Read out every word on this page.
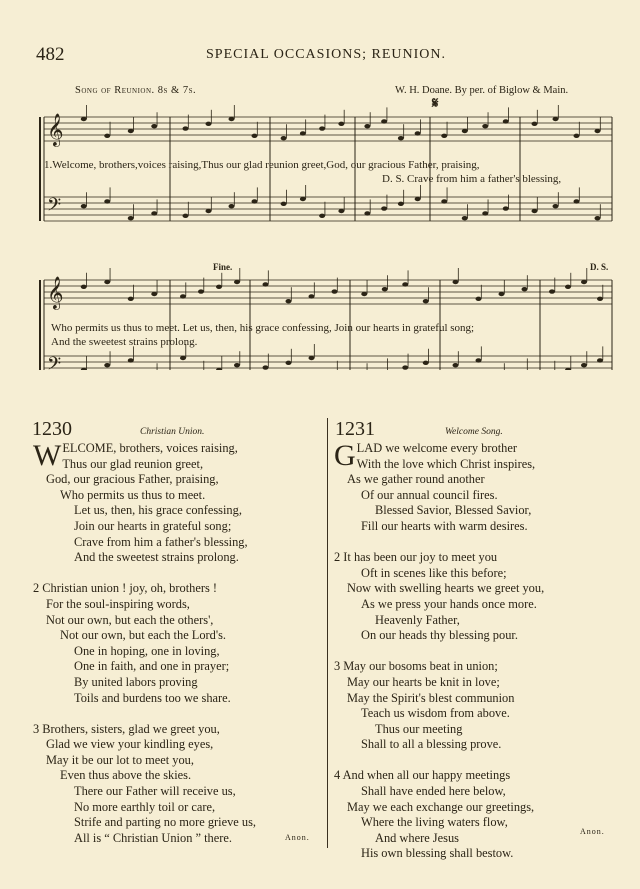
482	SPECIAL OCCASIONS; REUNION.
Song of Reunion. 8s & 7s.	W. H. Doane. By per. of Biglow & Main.
𝄞
𝄢
𝄞
𝄢
𝄋
Fine.	D. S.
1.Welcome, brothers,voices raising,Thus our glad reunion greet,God, our gracious Father, praising,
D. S. Crave from him a father's blessing,
Who permits us thus to meet. Let us, then, his grace confessing, Join our hearts in grateful song;
And the sweetest strains prolong.
1230	Christian Union.
W ELCOME, brothers, voices raising,
Thus our glad reunion greet,
God, our gracious Father, praising,
Who permits us thus to meet.
Let us, then, his grace confessing,
Join our hearts in grateful song;
Crave from him a father's blessing,
And the sweetest strains prolong.
2 Christian union ! joy, oh, brothers !
For the soul-inspiring words,
Not our own, but each the others',
Not our own, but each the Lord's.
One in hoping, one in loving,
One in faith, and one in prayer;
By united labors proving
Toils and burdens too we share.
3 Brothers, sisters, glad we greet you,
Glad we view your kindling eyes,
May it be our lot to meet you,
Even thus above the skies.
There our Father will receive us,
No more earthly toil or care,
Strife and parting no more grieve us,
All is “ Christian Union ” there.	Anon.
1231	Welcome Song.
G LAD we welcome every brother
With the love which Christ inspires,
As we gather round another
Of our annual council fires.
Blessed Savior, Blessed Savior,
Fill our hearts with warm desires.
2 It has been our joy to meet you
Oft in scenes like this before;
Now with swelling hearts we greet you,
As we press your hands once more.
Heavenly Father,
On our heads thy blessing pour.
3 May our bosoms beat in union;
May our hearts be knit in love;
May the Spirit's blest communion
Teach us wisdom from above.
Thus our meeting
Shall to all a blessing prove.
4 And when all our happy meetings
Shall have ended here below,
May we each exchange our greetings,
Where the living waters flow,
And where Jesus
His own blessing shall bestow.
Anon.
